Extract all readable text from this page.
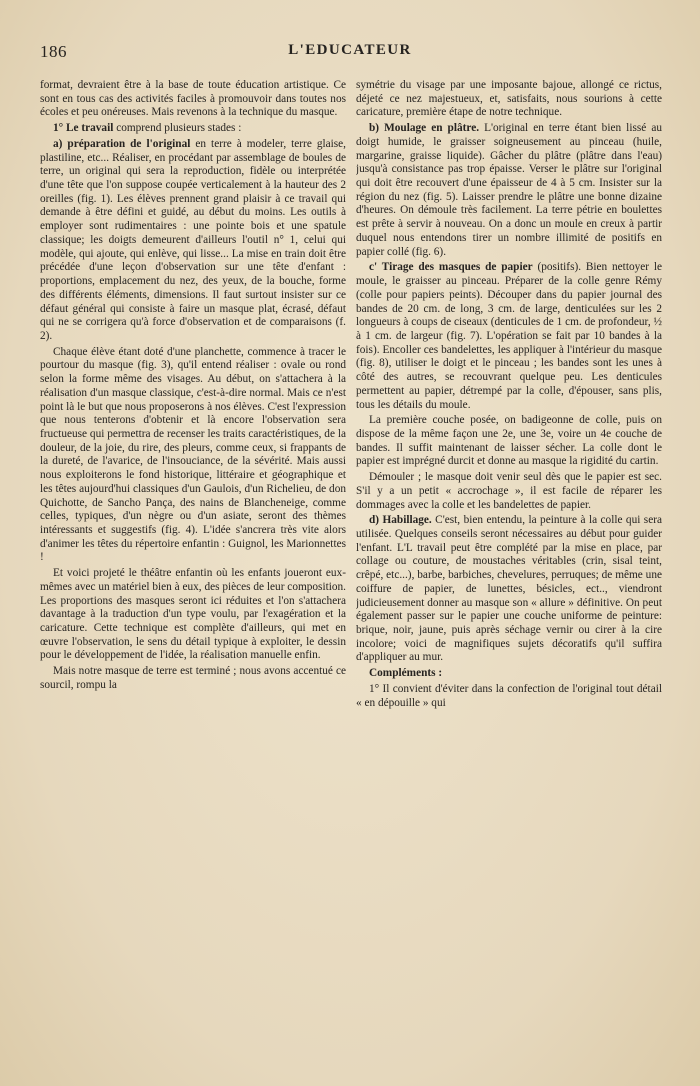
186	L'EDUCATEUR

format, devraient être à la base de toute éducation artistique. Ce sont en tous cas des activités faciles à promouvoir dans toutes nos écoles et peu onéreuses. Mais revenons à la technique du masque.

1° Le travail comprend plusieurs stades :

a) préparation de l'original en terre à modeler, terre glaise, plastiline, etc... Réaliser, en procédant par assemblage de boules de terre, un original qui sera la reproduction, fidèle ou interprétée d'une tête que l'on suppose coupée verticalement à la hauteur des 2 oreilles (fig. 1). Les élèves prennent grand plaisir à ce travail qui demande à être défini et guidé, au début du moins. Les outils à employer sont rudimentaires : une pointe bois et une spatule classique; les doigts demeurent d'ailleurs l'outil n° 1, celui qui modèle, qui ajoute, qui enlève, qui lisse... La mise en train doit être précédée d'une leçon d'observation sur une tête d'enfant : proportions, emplacement du nez, des yeux, de la bouche, forme des différents éléments, dimensions. Il faut surtout insister sur ce défaut général qui consiste à faire un masque plat, écrasé, défaut qui ne se corrigera qu'à force d'observation et de comparaisons (f. 2).

Chaque élève étant doté d'une planchette, commence à tracer le pourtour du masque (fig. 3), qu'il entend réaliser : ovale ou rond selon la forme même des visages. Au début, on s'attachera à la réalisation d'un masque classique, c'est-à-dire normal. Mais ce n'est point là le but que nous proposerons à nos élèves. C'est l'expression que nous tenterons d'obtenir et là encore l'observation sera fructueuse qui permettra de recenser les traits caractéristiques, de la douleur, de la joie, du rire, des pleurs, comme ceux, si frappants de la dureté, de l'avarice, de l'insouciance, de la sévérité. Mais aussi nous exploiterons le fond historique, littéraire et géographique et les têtes aujourd'hui classiques d'un Gaulois, d'un Richelieu, de don Quichotte, de Sancho Pança, des nains de Blancheneige, comme celles, typiques, d'un nègre ou d'un asiate, seront des thèmes intéressants et suggestifs (fig. 4). L'idée s'ancrera très vite alors d'animer les têtes du répertoire enfantin : Guignol, les Marionnettes !

Et voici projeté le théâtre enfantin où les enfants joueront eux-mêmes avec un matériel bien à eux, des pièces de leur composition. Les proportions des masques seront ici réduites et l'on s'attachera davantage à la traduction d'un type voulu, par l'exagération et la caricature. Cette technique est complète d'ailleurs, qui met en œuvre l'observation, le sens du détail typique à exploiter, le dessin pour le développement de l'idée, la réalisation manuelle enfin.

Mais notre masque de terre est terminé ; nous avons accentué ce sourcil, rompu la

symétrie du visage par une imposante bajoue, allongé ce rictus, déjeté ce nez majestueux, et, satisfaits, nous sourions à cette caricature, première étape de notre technique.

b) Moulage en plâtre. L'original en terre étant bien lissé au doigt humide, le graisser soigneusement au pinceau (huile, margarine, graisse liquide). Gâcher du plâtre (plâtre dans l'eau) jusqu'à consistance pas trop épaisse. Verser le plâtre sur l'original qui doit être recouvert d'une épaisseur de 4 à 5 cm. Insister sur la région du nez (fig. 5). Laisser prendre le plâtre une bonne dizaine d'heures. On démoule très facilement. La terre pétrie en boulettes est prête à servir à nouveau. On a donc un moule en creux à partir duquel nous entendons tirer un nombre illimité de positifs en papier collé (fig. 6).

c' Tirage des masques de papier (positifs). Bien nettoyer le moule, le graisser au pinceau. Préparer de la colle genre Rémy (colle pour papiers peints). Découper dans du papier journal des bandes de 20 cm. de long, 3 cm. de large, denticulées sur les 2 longueurs à coups de ciseaux (denticules de 1 cm. de profondeur, ½ à 1 cm. de largeur (fig. 7). L'opération se fait par 10 bandes à la fois). Encoller ces bandelettes, les appliquer à l'intérieur du masque (fig. 8), utiliser le doigt et le pinceau ; les bandes sont les unes à côté des autres, se recouvrant quelque peu. Les denticules permettent au papier, détrempé par la colle, d'épouser, sans plis, tous les détails du moule.

La première couche posée, on badigeonne de colle, puis on dispose de la même façon une 2e, une 3e, voire un 4e couche de bandes. Il suffit maintenant de laisser sécher. La colle dont le papier est imprégné durcit et donne au masque la rigidité du cartin.

Démouler ; le masque doit venir seul dès que le papier est sec. S'il y a un petit « accrochage », il est facile de réparer les dommages avec la colle et les bandelettes de papier.

d) Habillage. C'est, bien entendu, la peinture à la colle qui sera utilisée. Quelques conseils seront nécessaires au début pour guider l'enfant. L'L travail peut être complété par la mise en place, par collage ou couture, de moustaches véritables (crin, sisal teint, crêpé, etc...), barbe, barbiches, chevelures, perruques; de même une coiffure de papier, de lunettes, bésicles, ect.., viendront judicieusement donner au masque son « allure » définitive. On peut également passer sur le papier une couche uniforme de peinture: brique, noir, jaune, puis après séchage vernir ou cirer à la cire incolore; voici de magnifiques sujets décoratifs qu'il suffira d'appliquer au mur.

Compléments :

1° Il convient d'éviter dans la confection de l'original tout détail « en dépouille » qui
